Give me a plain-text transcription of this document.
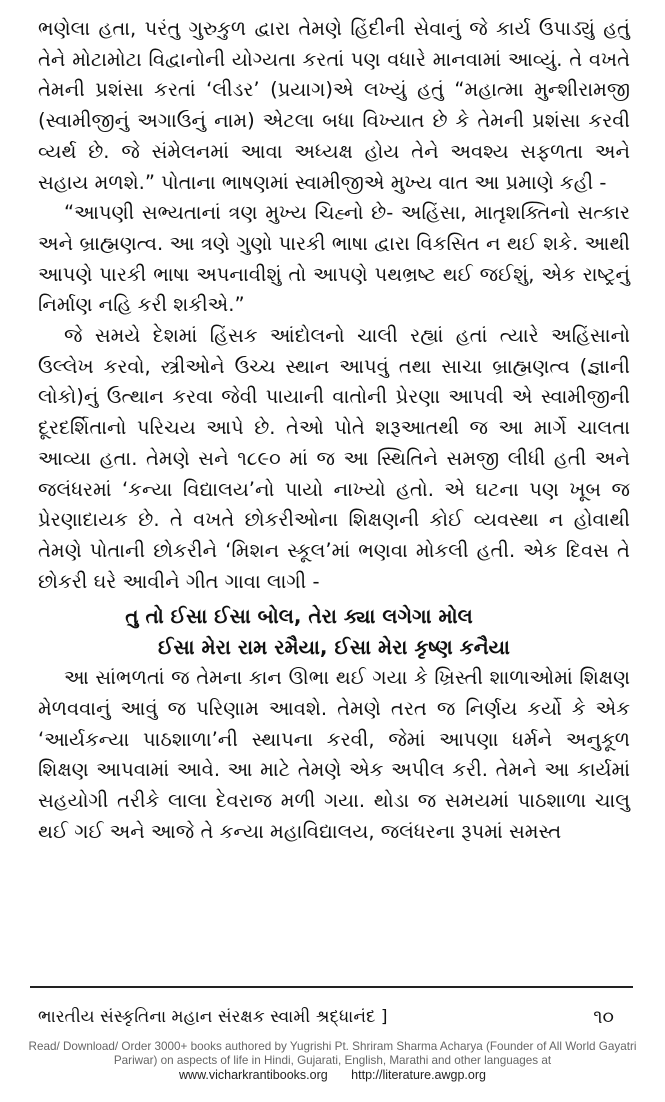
ભણેલા હતા, પરંતુ ગુરુકુળ દ્વારા તેમણે હિંદીની સેવાનું જે કાર્ય ઉપાડ્યું હતું તેને મોટામોટા વિદ્વાનોની યોગ્યતા કરતાં પણ વધારે માનવામાં આવ્યું. તે વખતે તેમની પ્રશંસા કરતાં ‘લીડર’ (પ્રયાગ)એ લખ્યું હતું “મહાત્મા મુન્શીરામજી (સ્વામીજીનું અગાઉનું નામ) એટલા બધા વિખ્યાત છે કે તેમની પ્રશંસા કરવી વ્યર્થ છે. જે સંમેલનમાં આવા અધ્યક્ષ હોય તેને અવશ્ય સફળતા અને સહાય મળશે.” પોતાના ભાષણમાં સ્વામીજીએ મુખ્ય વાત આ પ્રમાણે કહી -

“આપણી સભ્યતાનાં ત્રણ મુખ્ય ચિહ્નો છે- અહિંસા, માતૃશક્તિનો સત્કાર અને બ્રાહ્મણત્વ. આ ત્રણે ગુણો પારકી ભાષા દ્વારા વિકસિત ન થઈ શકે. આથી આપણે પારકી ભાષા અપનાવીશું તો આપણે પથભ્રષ્ટ થઈ જઈશું, એક રાષ્ટ્રનું નિર્માણ નહિ કરી શકીએ.”

જે સમયે દેશમાં હિંસક આંદોલનો ચાલી રહ્યાં હતાં ત્યારે અહિંસાનો ઉલ્લેખ કરવો, સ્ત્રીઓને ઉચ્ચ સ્થાન આપવું તથા સાચા બ્રાહ્મણત્વ (જ્ઞાની લોકો)નું ઉત્થાન કરવા જેવી પાયાની વાતોની પ્રેરણા આપવી એ સ્વામીજીની દૂરદર્શિતાનો પરિચય આપે છે. તેઓ પોતે શરૂઆતથી જ આ માર્ગે ચાલતા આવ્યા હતા. તેમણે સને ૧૮૯૦ માં જ આ સ્થિતિને સમજી લીધી હતી અને જલંધરમાં ‘કન્યા વિદ્યાલય’નો પાયો નાખ્યો હતો. એ ઘટના પણ ખૂબ જ પ્રેરણાદાયક છે. તે વખતે છોકરીઓના શિક્ષણની કોઈ વ્યવસ્થા ન હોવાથી તેમણે પોતાની છોકરીને ‘મિશન સ્કૂલ’માં ભણવા મોકલી હતી. એક દિવસ તે છોકરી ઘરે આવીને ગીત ગાવા લાગી -

તુ તો ઈસા ઈસા બોલ, તેરા ક્યા લગેગા મોલ
ઈસા મેરા રામ રમૈયા, ઈસા મેરા કૃષ્ણ કનૈયા

આ સાંભળતાં જ તેમના કાન ઊભા થઈ ગયા કે ખ્રિસ્તી શાળાઓમાં શિક્ષણ મેળવવાનું આવું જ પરિણામ આવશે. તેમણે તરત જ નિર્ણય કર્યો કે એક ‘આર્યકન્યા પાઠશાળા’ની સ્થાપના કરવી, જેમાં આપણા ધર્મને અનુકૂળ શિક્ષણ આપવામાં આવે. આ માટે તેમણે એક અપીલ કરી. તેમને આ કાર્યમાં સહયોગી તરીકે લાલા દેવરાજ મળી ગયા. થોડા જ સમયમાં પાઠશાળા ચાલુ થઈ ગઈ અને આજે તે કન્યા મહાવિદ્યાલય, જલંધરના રૂપમાં સમસ્ત

ભારતીય સંસ્કૃતિના મહાન સંરક્ષક સ્વામી શ્રદ્ધાનંદ ]	૧૦
Read/ Download/ Order 3000+ books authored by Yugrishi Pt. Shriram Sharma Acharya (Founder of All World Gayatri Pariwar) on aspects of life in Hindi, Gujarati, English, Marathi and other languages at
www.vicharkrantibooks.org http://literature.awgp.org
